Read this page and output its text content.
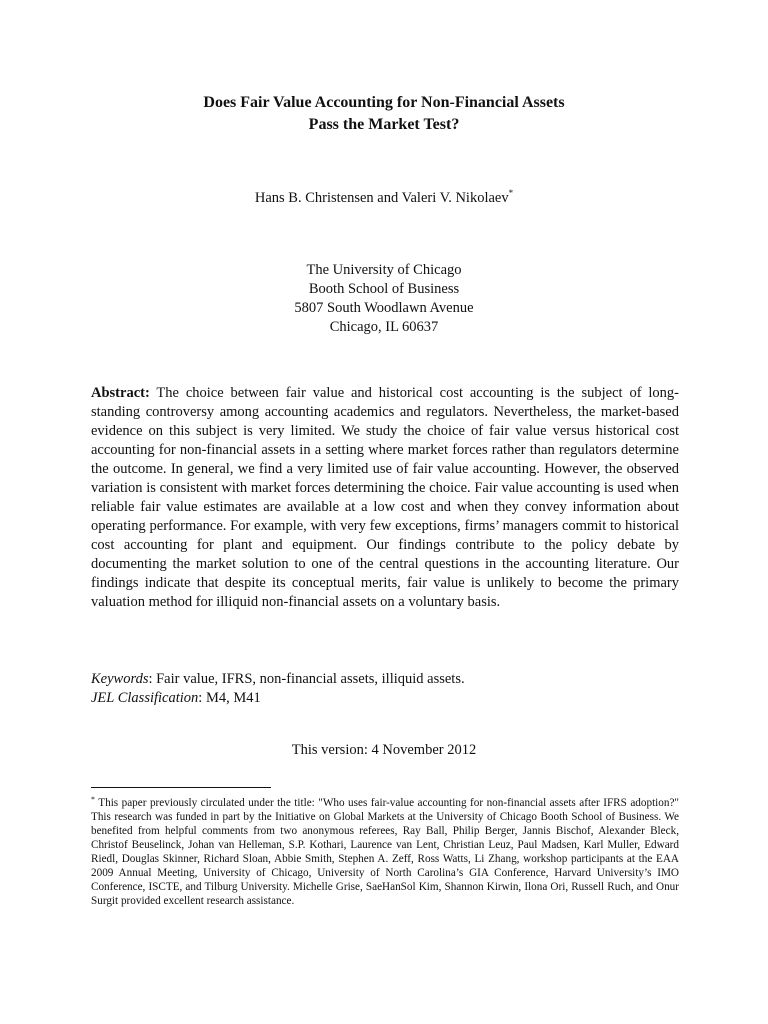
Does Fair Value Accounting for Non-Financial Assets
Pass the Market Test?
Hans B. Christensen and Valeri V. Nikolaev*
The University of Chicago
Booth School of Business
5807 South Woodlawn Avenue
Chicago, IL 60637
Abstract: The choice between fair value and historical cost accounting is the subject of long-standing controversy among accounting academics and regulators. Nevertheless, the market-based evidence on this subject is very limited. We study the choice of fair value versus historical cost accounting for non-financial assets in a setting where market forces rather than regulators determine the outcome. In general, we find a very limited use of fair value accounting. However, the observed variation is consistent with market forces determining the choice. Fair value accounting is used when reliable fair value estimates are available at a low cost and when they convey information about operating performance. For example, with very few exceptions, firms’ managers commit to historical cost accounting for plant and equipment. Our findings contribute to the policy debate by documenting the market solution to one of the central questions in the accounting literature. Our findings indicate that despite its conceptual merits, fair value is unlikely to become the primary valuation method for illiquid non-financial assets on a voluntary basis.
Keywords: Fair value, IFRS, non-financial assets, illiquid assets.
JEL Classification: M4, M41
This version: 4 November 2012
* This paper previously circulated under the title: "Who uses fair-value accounting for non-financial assets after IFRS adoption?" This research was funded in part by the Initiative on Global Markets at the University of Chicago Booth School of Business. We benefited from helpful comments from two anonymous referees, Ray Ball, Philip Berger, Jannis Bischof, Alexander Bleck, Christof Beuselinck, Johan van Helleman, S.P. Kothari, Laurence van Lent, Christian Leuz, Paul Madsen, Karl Muller, Edward Riedl, Douglas Skinner, Richard Sloan, Abbie Smith, Stephen A. Zeff, Ross Watts, Li Zhang, workshop participants at the EAA 2009 Annual Meeting, University of Chicago, University of North Carolina’s GIA Conference, Harvard University’s IMO Conference, ISCTE, and Tilburg University. Michelle Grise, SaeHanSol Kim, Shannon Kirwin, Ilona Ori, Russell Ruch, and Onur Surgit provided excellent research assistance.
